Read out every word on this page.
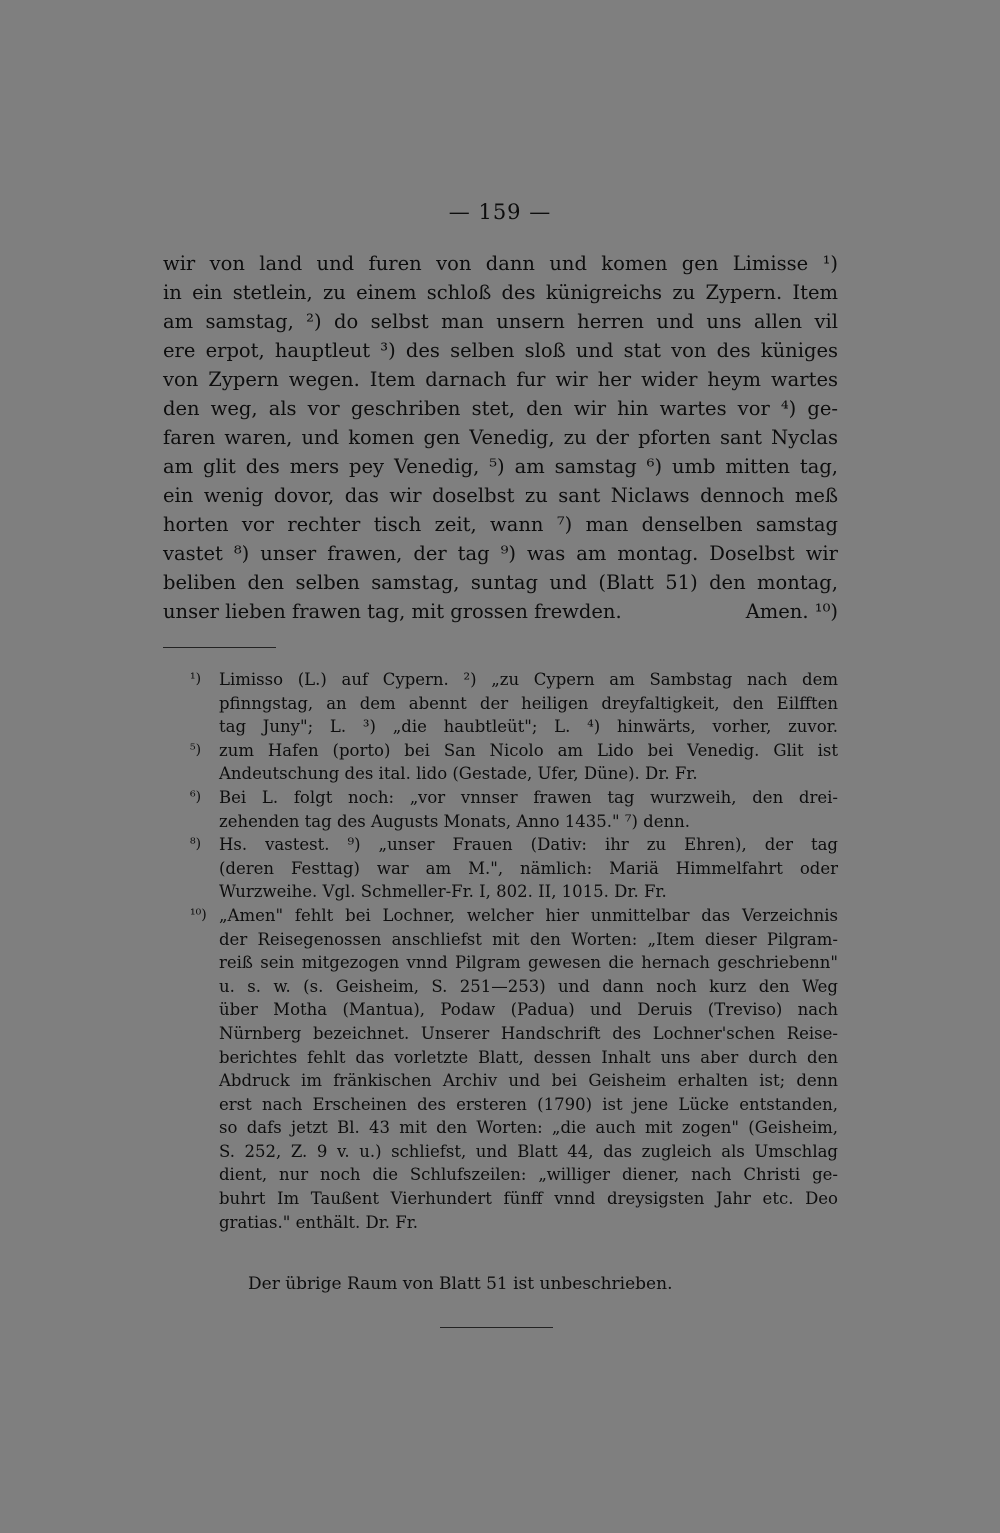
— 159 —
wir von land und furen von dann und komen gen Limisse ¹)
in ein stetlein, zu einem schloß des künigreichs zu Zypern. Item
am samstag, ²) do selbst man unsern herren und uns allen vil
ere erpot, hauptleut ³) des selben sloß und stat von des küniges
von Zypern wegen. Item darnach fur wir her wider heym wartes
den weg, als vor geschriben stet, den wir hin wartes vor ⁴) ge-
faren waren, und komen gen Venedig, zu der pforten sant Nyclas
am glit des mers pey Venedig, ⁵) am samstag ⁶) umb mitten tag,
ein wenig dovor, das wir doselbst zu sant Niclaws dennoch meß
horten vor rechter tisch zeit, wann ⁷) man denselben samstag
vastet ⁸) unser frawen, der tag ⁹) was am montag. Doselbst wir
beliben den selben samstag, suntag und (Blatt 51) den montag,
unser lieben frawen tag, mit grossen frewden.	Amen. ¹⁰)
¹) Limisso (L.) auf Cypern. ²) „zu Cypern am Sambstag nach dem
pfinngstag, an dem abennt der heiligen dreyfaltigkeit, den Eilfften
tag Juny"; L. ³) „die haubtleüt"; L. ⁴) hinwärts, vorher, zuvor.
⁵) zum Hafen (porto) bei San Nicolo am Lido bei Venedig. Glit ist
Andeutschung des ital. lido (Gestade, Ufer, Düne). Dr. Fr.
⁶) Bei L. folgt noch: „vor vnnser frawen tag wurzweih, den drei-
zehenden tag des Augusts Monats, Anno 1435." ⁷) denn.
⁸) Hs. vastest. ⁹) „unser Frauen (Dativ: ihr zu Ehren), der tag
(deren Festtag) war am M.", nämlich: Mariä Himmelfahrt oder
Wurzweihe. Vgl. Schmeller-Fr. I, 802. II, 1015. Dr. Fr.
¹⁰) „Amen" fehlt bei Lochner, welcher hier unmittelbar das Verzeichnis
der Reisegenossen anschliefst mit den Worten: „Item dieser Pilgram-
reiß sein mitgezogen vnnd Pilgram gewesen die hernach geschriebenn"
u. s. w. (s. Geisheim, S. 251—253) und dann noch kurz den Weg
über Motha (Mantua), Podaw (Padua) und Deruis (Treviso) nach
Nürnberg bezeichnet. Unserer Handschrift des Lochner'schen Reise-
berichtes fehlt das vorletzte Blatt, dessen Inhalt uns aber durch den
Abdruck im fränkischen Archiv und bei Geisheim erhalten ist; denn
erst nach Erscheinen des ersteren (1790) ist jene Lücke entstanden,
so dafs jetzt Bl. 43 mit den Worten: „die auch mit zogen" (Geisheim,
S. 252, Z. 9 v. u.) schliefst, und Blatt 44, das zugleich als Umschlag
dient, nur noch die Schlufszeilen: „williger diener, nach Christi ge-
buhrt Im Taußent Vierhundert fünff vnnd dreysigsten Jahr etc. Deo
gratias." enthält. Dr. Fr.
Der übrige Raum von Blatt 51 ist unbeschrieben.
